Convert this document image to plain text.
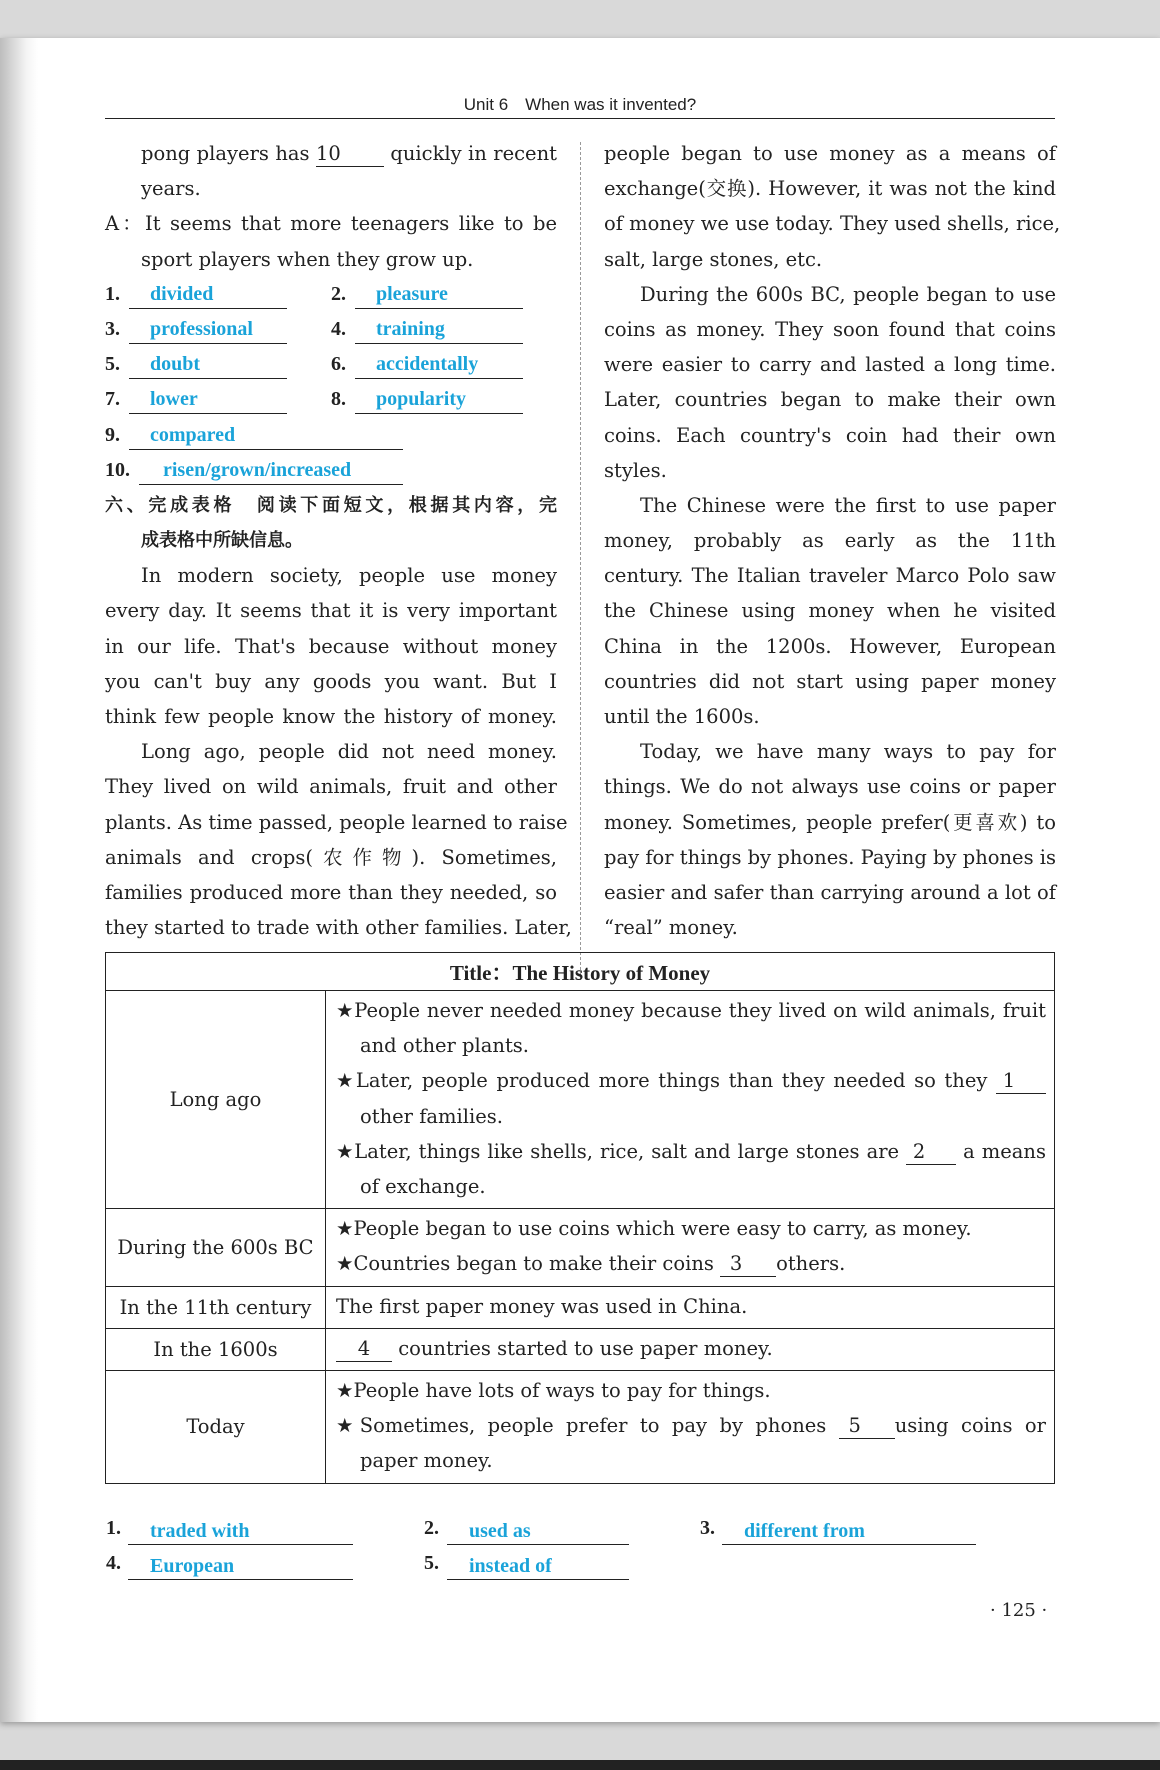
Unit 6　When was it invented?
pong players has 10 quickly in recent
years.
A：It seems that more teenagers like to be
sport players when they grow up.
1.	divided	2.	pleasure
3.	professional	4.	training
5.	doubt	6.	accidentally
7.	lower	8.	popularity
9.	compared
10.	risen/grown/increased
六、完成表格　阅读下面短文，根据其内容，完
成表格中所缺信息。
In modern society, people use money
every day. It seems that it is very important
in our life. That's because without money
you can't buy any goods you want. But I
think few people know the history of money.
Long ago, people did not need money.
They lived on wild animals, fruit and other
plants. As time passed, people learned to raise
animals and crops(农作物). Sometimes,
families produced more than they needed, so
they started to trade with other families. Later,
people began to use money as a means of
exchange(交换). However, it was not the kind
of money we use today. They used shells, rice,
salt, large stones, etc.
During the 600s BC, people began to use
coins as money. They soon found that coins
were easier to carry and lasted a long time.
Later, countries began to make their own
coins. Each country's coin had their own
styles.
The Chinese were the first to use paper
money, probably as early as the 11th
century. The Italian traveler Marco Polo saw
the Chinese using money when he visited
China in the 1200s. However, European
countries did not start using paper money
until the 1600s.
Today, we have many ways to pay for
things. We do not always use coins or paper
money. Sometimes, people prefer(更喜欢) to
pay for things by phones. Paying by phones is
easier and safer than carrying around a lot of
“real” money.
Title：The History of Money	
Long ago	★People never needed money because they lived on wild animals, fruit and other plants.
★Later, people produced more things than they needed so they 1 other families.
★Later, things like shells, rice, salt and large stones are 2 a means of exchange.

During the 600s BC	★People began to use coins which were easy to carry, as money.
★Countries began to make their coins 3 others.

In the 11th century	The first paper money was used in China.

In the 1600s	4 countries started to use paper money.

Today	★People have lots of ways to pay for things.
★Sometimes, people prefer to pay by phones 5 using coins or paper money.
1.	traded with	2.	used as	3.	different from
4.	European	5.	instead of
· 125 ·
